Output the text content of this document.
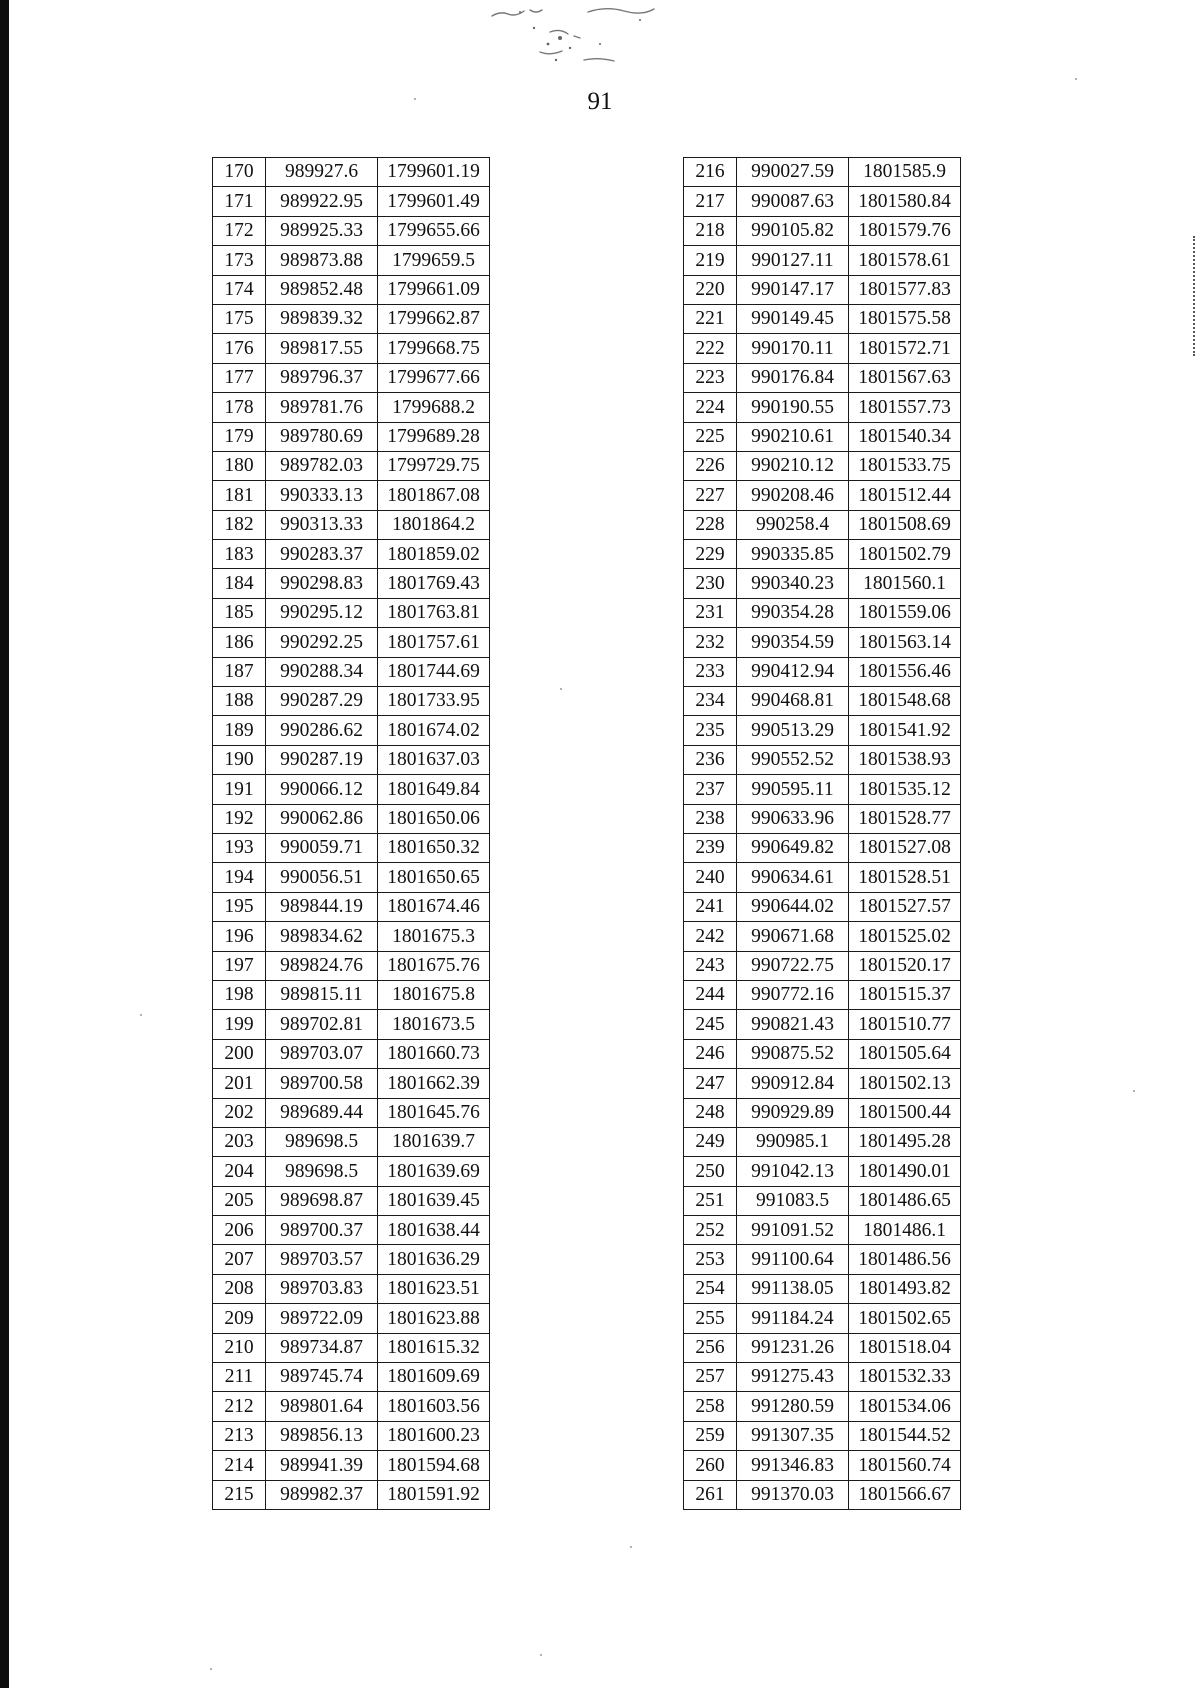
91
170	989927.6	1799601.19
171	989922.95	1799601.49
172	989925.33	1799655.66
173	989873.88	1799659.5
174	989852.48	1799661.09
175	989839.32	1799662.87
176	989817.55	1799668.75
177	989796.37	1799677.66
178	989781.76	1799688.2
179	989780.69	1799689.28
180	989782.03	1799729.75
181	990333.13	1801867.08
182	990313.33	1801864.2
183	990283.37	1801859.02
184	990298.83	1801769.43
185	990295.12	1801763.81
186	990292.25	1801757.61
187	990288.34	1801744.69
188	990287.29	1801733.95
189	990286.62	1801674.02
190	990287.19	1801637.03
191	990066.12	1801649.84
192	990062.86	1801650.06
193	990059.71	1801650.32
194	990056.51	1801650.65
195	989844.19	1801674.46
196	989834.62	1801675.3
197	989824.76	1801675.76
198	989815.11	1801675.8
199	989702.81	1801673.5
200	989703.07	1801660.73
201	989700.58	1801662.39
202	989689.44	1801645.76
203	989698.5	1801639.7
204	989698.5	1801639.69
205	989698.87	1801639.45
206	989700.37	1801638.44
207	989703.57	1801636.29
208	989703.83	1801623.51
209	989722.09	1801623.88
210	989734.87	1801615.32
211	989745.74	1801609.69
212	989801.64	1801603.56
213	989856.13	1801600.23
214	989941.39	1801594.68
215	989982.37	1801591.92
216	990027.59	1801585.9
217	990087.63	1801580.84
218	990105.82	1801579.76
219	990127.11	1801578.61
220	990147.17	1801577.83
221	990149.45	1801575.58
222	990170.11	1801572.71
223	990176.84	1801567.63
224	990190.55	1801557.73
225	990210.61	1801540.34
226	990210.12	1801533.75
227	990208.46	1801512.44
228	990258.4	1801508.69
229	990335.85	1801502.79
230	990340.23	1801560.1
231	990354.28	1801559.06
232	990354.59	1801563.14
233	990412.94	1801556.46
234	990468.81	1801548.68
235	990513.29	1801541.92
236	990552.52	1801538.93
237	990595.11	1801535.12
238	990633.96	1801528.77
239	990649.82	1801527.08
240	990634.61	1801528.51
241	990644.02	1801527.57
242	990671.68	1801525.02
243	990722.75	1801520.17
244	990772.16	1801515.37
245	990821.43	1801510.77
246	990875.52	1801505.64
247	990912.84	1801502.13
248	990929.89	1801500.44
249	990985.1	1801495.28
250	991042.13	1801490.01
251	991083.5	1801486.65
252	991091.52	1801486.1
253	991100.64	1801486.56
254	991138.05	1801493.82
255	991184.24	1801502.65
256	991231.26	1801518.04
257	991275.43	1801532.33
258	991280.59	1801534.06
259	991307.35	1801544.52
260	991346.83	1801560.74
261	991370.03	1801566.67
